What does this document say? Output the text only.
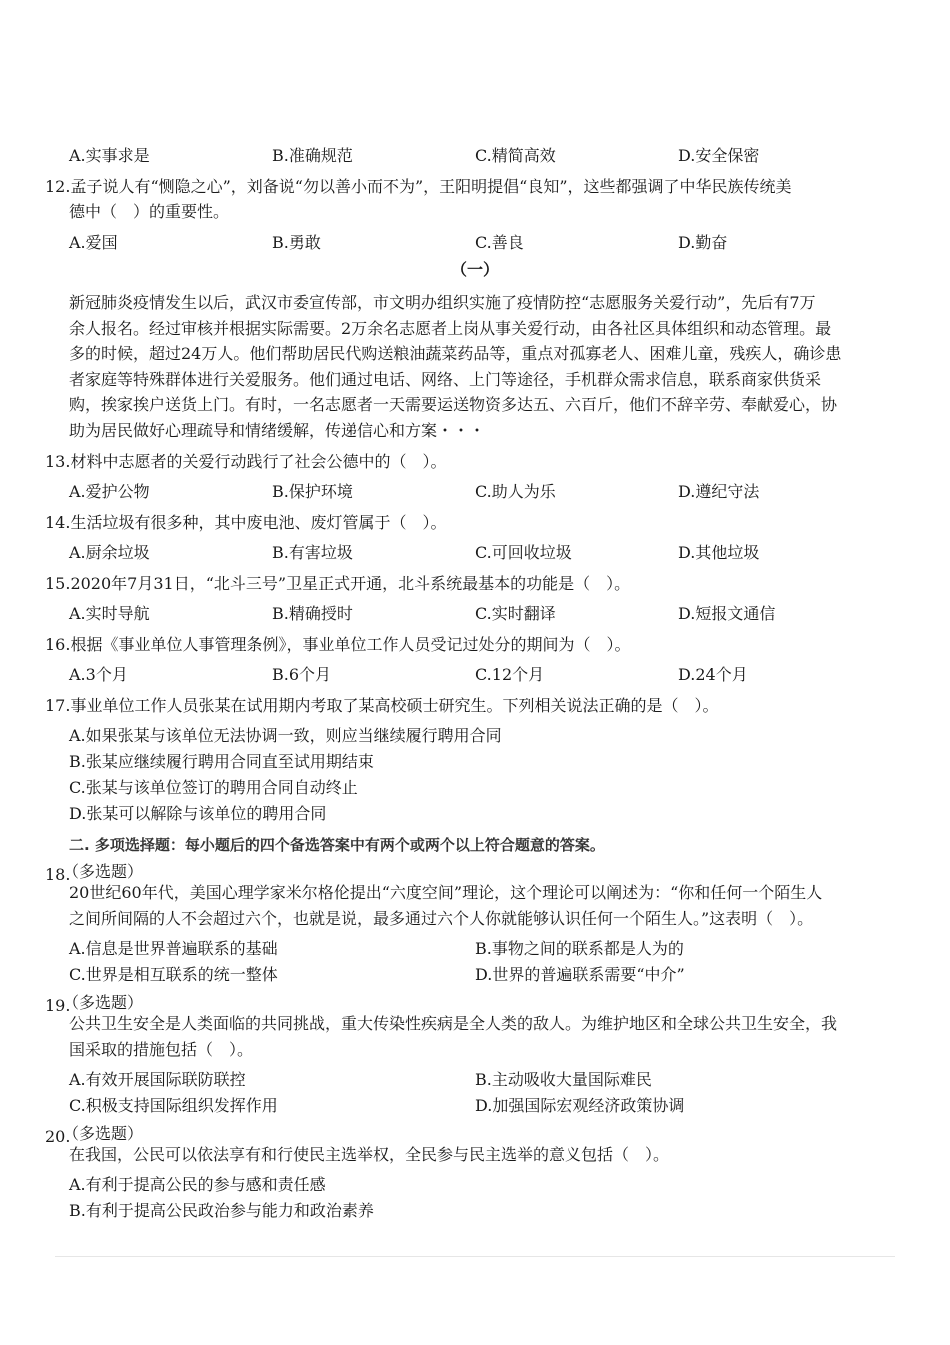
A.实事求是	B.准确规范	C.精简高效	D.安全保密
12.孟子说人有“恻隐之心”，刘备说“勿以善小而不为”，王阳明提倡“良知”，这些都强调了中华民族传统美
德中（　）的重要性。
A.爱国	B.勇敢	C.善良	D.勤奋
（一）
新冠肺炎疫情发生以后，武汉市委宣传部，市文明办组织实施了疫情防控“志愿服务关爱行动”，先后有7万
余人报名。经过审核并根据实际需要。2万余名志愿者上岗从事关爱行动，由各社区具体组织和动态管理。最
多的时候，超过24万人。他们帮助居民代购送粮油蔬菜药品等，重点对孤寡老人、困难儿童，残疾人，确诊患
者家庭等特殊群体进行关爱服务。他们通过电话、网络、上门等途径，手机群众需求信息，联系商家供货采
购，挨家挨户送货上门。有时，一名志愿者一天需要运送物资多达五、六百斤，他们不辞辛劳、奉献爱心，协
助为居民做好心理疏导和情绪缓解，传递信心和方案・・・
13.材料中志愿者的关爱行动践行了社会公德中的（　）。
A.爱护公物	B.保护环境	C.助人为乐	D.遵纪守法
14.生活垃圾有很多种，其中废电池、废灯管属于（　）。
A.厨余垃圾	B.有害垃圾	C.可回收垃圾	D.其他垃圾
15.2020年7月31日，“北斗三号”卫星正式开通，北斗系统最基本的功能是（　）。
A.实时导航	B.精确授时	C.实时翻译	D.短报文通信
16.根据《事业单位人事管理条例》，事业单位工作人员受记过处分的期间为（　）。
A.3个月	B.6个月	C.12个月	D.24个月
17.事业单位工作人员张某在试用期内考取了某高校硕士研究生。下列相关说法正确的是（　）。
A.如果张某与该单位无法协调一致，则应当继续履行聘用合同
B.张某应继续履行聘用合同直至试用期结束
C.张某与该单位签订的聘用合同自动终止
D.张某可以解除与该单位的聘用合同
二. 多项选择题：每小题后的四个备选答案中有两个或两个以上符合题意的答案。
18.
（多选题）
20世纪60年代，美国心理学家米尔格伦提出“六度空间”理论，这个理论可以阐述为：“你和任何一个陌生人
之间所间隔的人不会超过六个，也就是说，最多通过六个人你就能够认识任何一个陌生人。”这表明（　）。
A.信息是世界普遍联系的基础	B.事物之间的联系都是人为的
C.世界是相互联系的统一整体	D.世界的普遍联系需要“中介”
19.
（多选题）
公共卫生安全是人类面临的共同挑战，重大传染性疾病是全人类的敌人。为维护地区和全球公共卫生安全，我
国采取的措施包括（　）。
A.有效开展国际联防联控	B.主动吸收大量国际难民
C.积极支持国际组织发挥作用	D.加强国际宏观经济政策协调
20.
（多选题）
在我国，公民可以依法享有和行使民主选举权，全民参与民主选举的意义包括（　）。
A.有利于提高公民的参与感和责任感
B.有利于提高公民政治参与能力和政治素养
